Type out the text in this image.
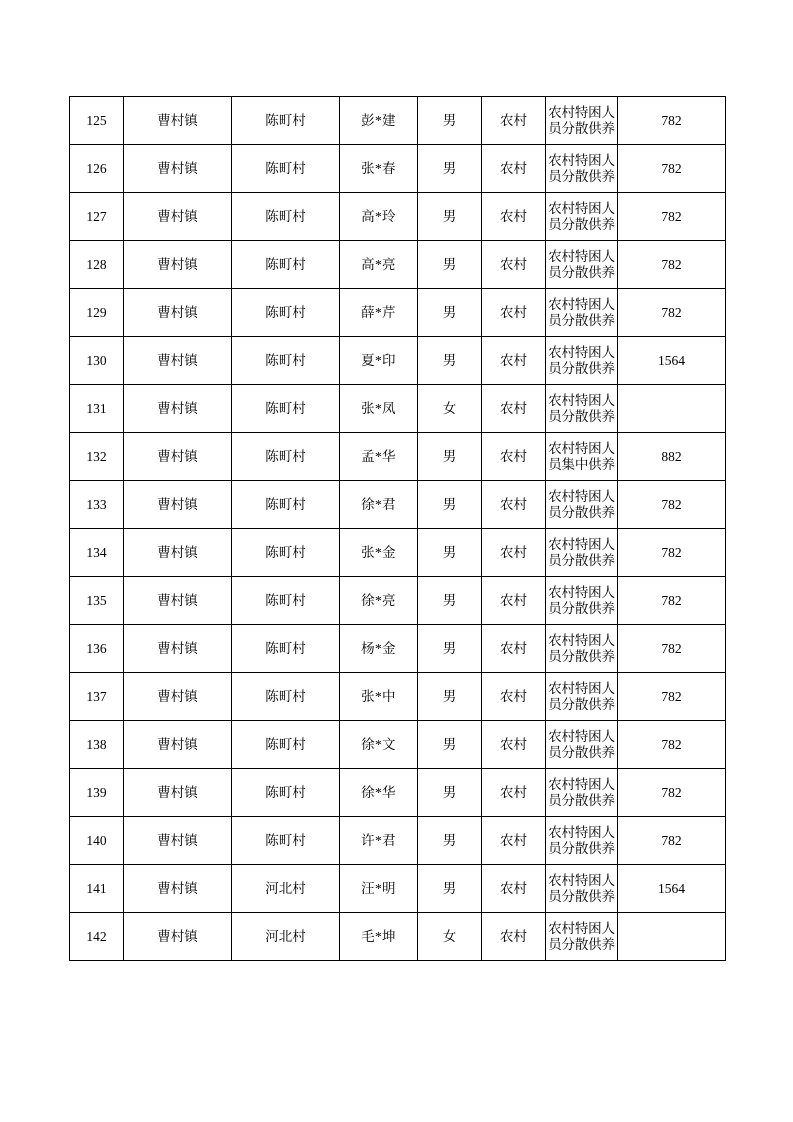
125	曹村镇	陈町村	彭*建	男	农村	农村特困人员分散供养	782
126	曹村镇	陈町村	张*春	男	农村	农村特困人员分散供养	782
127	曹村镇	陈町村	高*玲	男	农村	农村特困人员分散供养	782
128	曹村镇	陈町村	高*亮	男	农村	农村特困人员分散供养	782
129	曹村镇	陈町村	薛*芹	男	农村	农村特困人员分散供养	782
130	曹村镇	陈町村	夏*印	男	农村	农村特困人员分散供养	1564
131	曹村镇	陈町村	张*凤	女	农村	农村特困人员分散供养	
132	曹村镇	陈町村	孟*华	男	农村	农村特困人员集中供养	882
133	曹村镇	陈町村	徐*君	男	农村	农村特困人员分散供养	782
134	曹村镇	陈町村	张*金	男	农村	农村特困人员分散供养	782
135	曹村镇	陈町村	徐*亮	男	农村	农村特困人员分散供养	782
136	曹村镇	陈町村	杨*金	男	农村	农村特困人员分散供养	782
137	曹村镇	陈町村	张*中	男	农村	农村特困人员分散供养	782
138	曹村镇	陈町村	徐*文	男	农村	农村特困人员分散供养	782
139	曹村镇	陈町村	徐*华	男	农村	农村特困人员分散供养	782
140	曹村镇	陈町村	许*君	男	农村	农村特困人员分散供养	782
141	曹村镇	河北村	汪*明	男	农村	农村特困人员分散供养	1564
142	曹村镇	河北村	毛*坤	女	农村	农村特困人员分散供养	
